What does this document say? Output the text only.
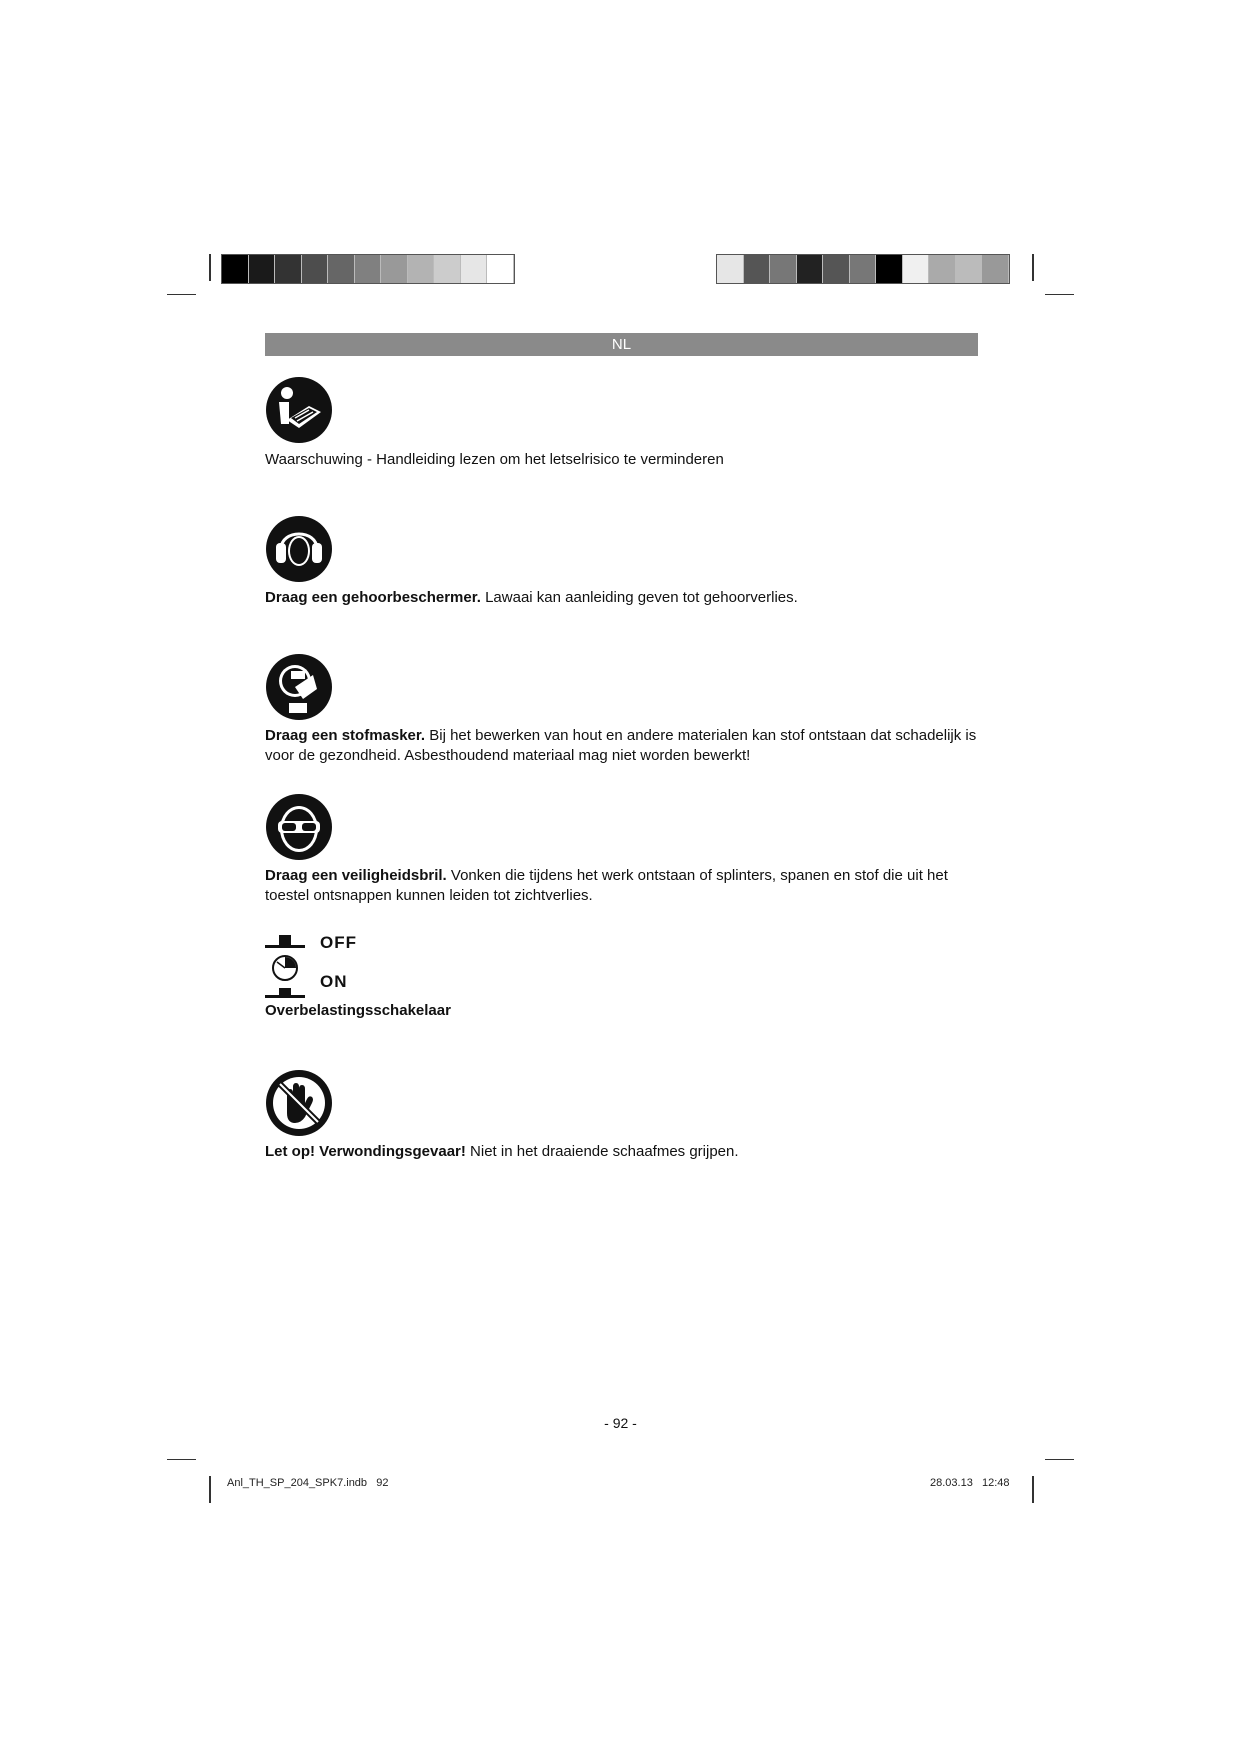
NL
Waarschuwing - Handleiding lezen om het letselrisico te verminderen
Draag een gehoorbeschermer. Lawaai kan aanleiding geven tot gehoorverlies.
Draag een stofmasker. Bij het bewerken van hout en andere materialen kan stof ontstaan dat schadelijk is voor de gezondheid. Asbesthoudend materiaal mag niet worden bewerkt!
Draag een veiligheidsbril. Vonken die tijdens het werk ontstaan of splinters, spanen en stof die uit het toestel ontsnappen kunnen leiden tot zichtverlies.
OFF
ON
Overbelastingsschakelaar
Let op! Verwondingsgevaar! Niet in het draaiende schaafmes grijpen.
- 92 -
Anl_TH_SP_204_SPK7.indb   92	28.03.13   12:48
